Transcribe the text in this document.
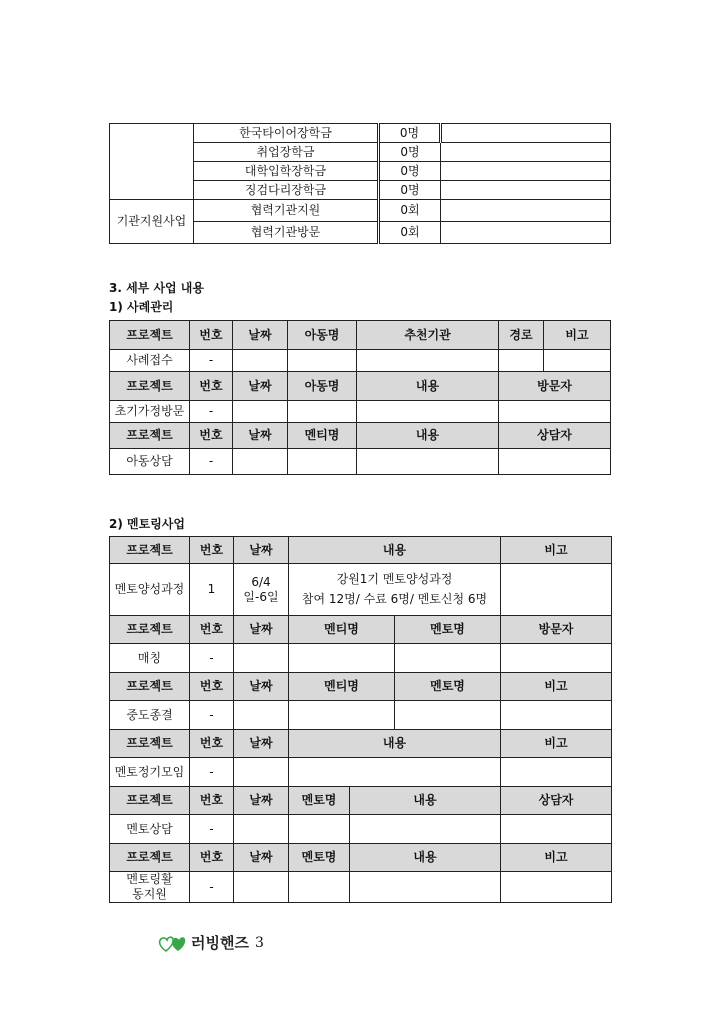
	한국타이어장학금	0명	
	취업장학금	0명	
	대학입학장학금	0명	
	징검다리장학금	0명	
기관지원사업	협력기관지원	0회	
	협력기관방문	0회	
3. 세부 사업 내용
1) 사례관리
프로젝트	번호	날짜	아동명	추천기관	경로	비고
사례접수	-					
프로젝트	번호	날짜	아동명	내용	방문자	
초기가정방문	-					
프로젝트	번호	날짜	멘티명	내용	상담자	
아동상담	-					
2) 멘토링사업
프로젝트	번호	날짜	내용			비고
멘토양성과정	1	6/4일-6일	강원1기 멘토양성과정
참여 12명/ 수료 6명/ 멘토신청 6명			

프로젝트	번호	날짜	멘티명		멘토명	방문자
매칭	-					
프로젝트	번호	날짜	멘티명		멘토명	비고
중도종결	-					
프로젝트	번호	날짜	내용			비고
멘토정기모임	-					
프로젝트	번호	날짜	멘토명	내용		상담자
멘토상담	-					
프로젝트	번호	날짜	멘토명	내용		비고
멘토링활동지원	-					
러빙핸즈 3
